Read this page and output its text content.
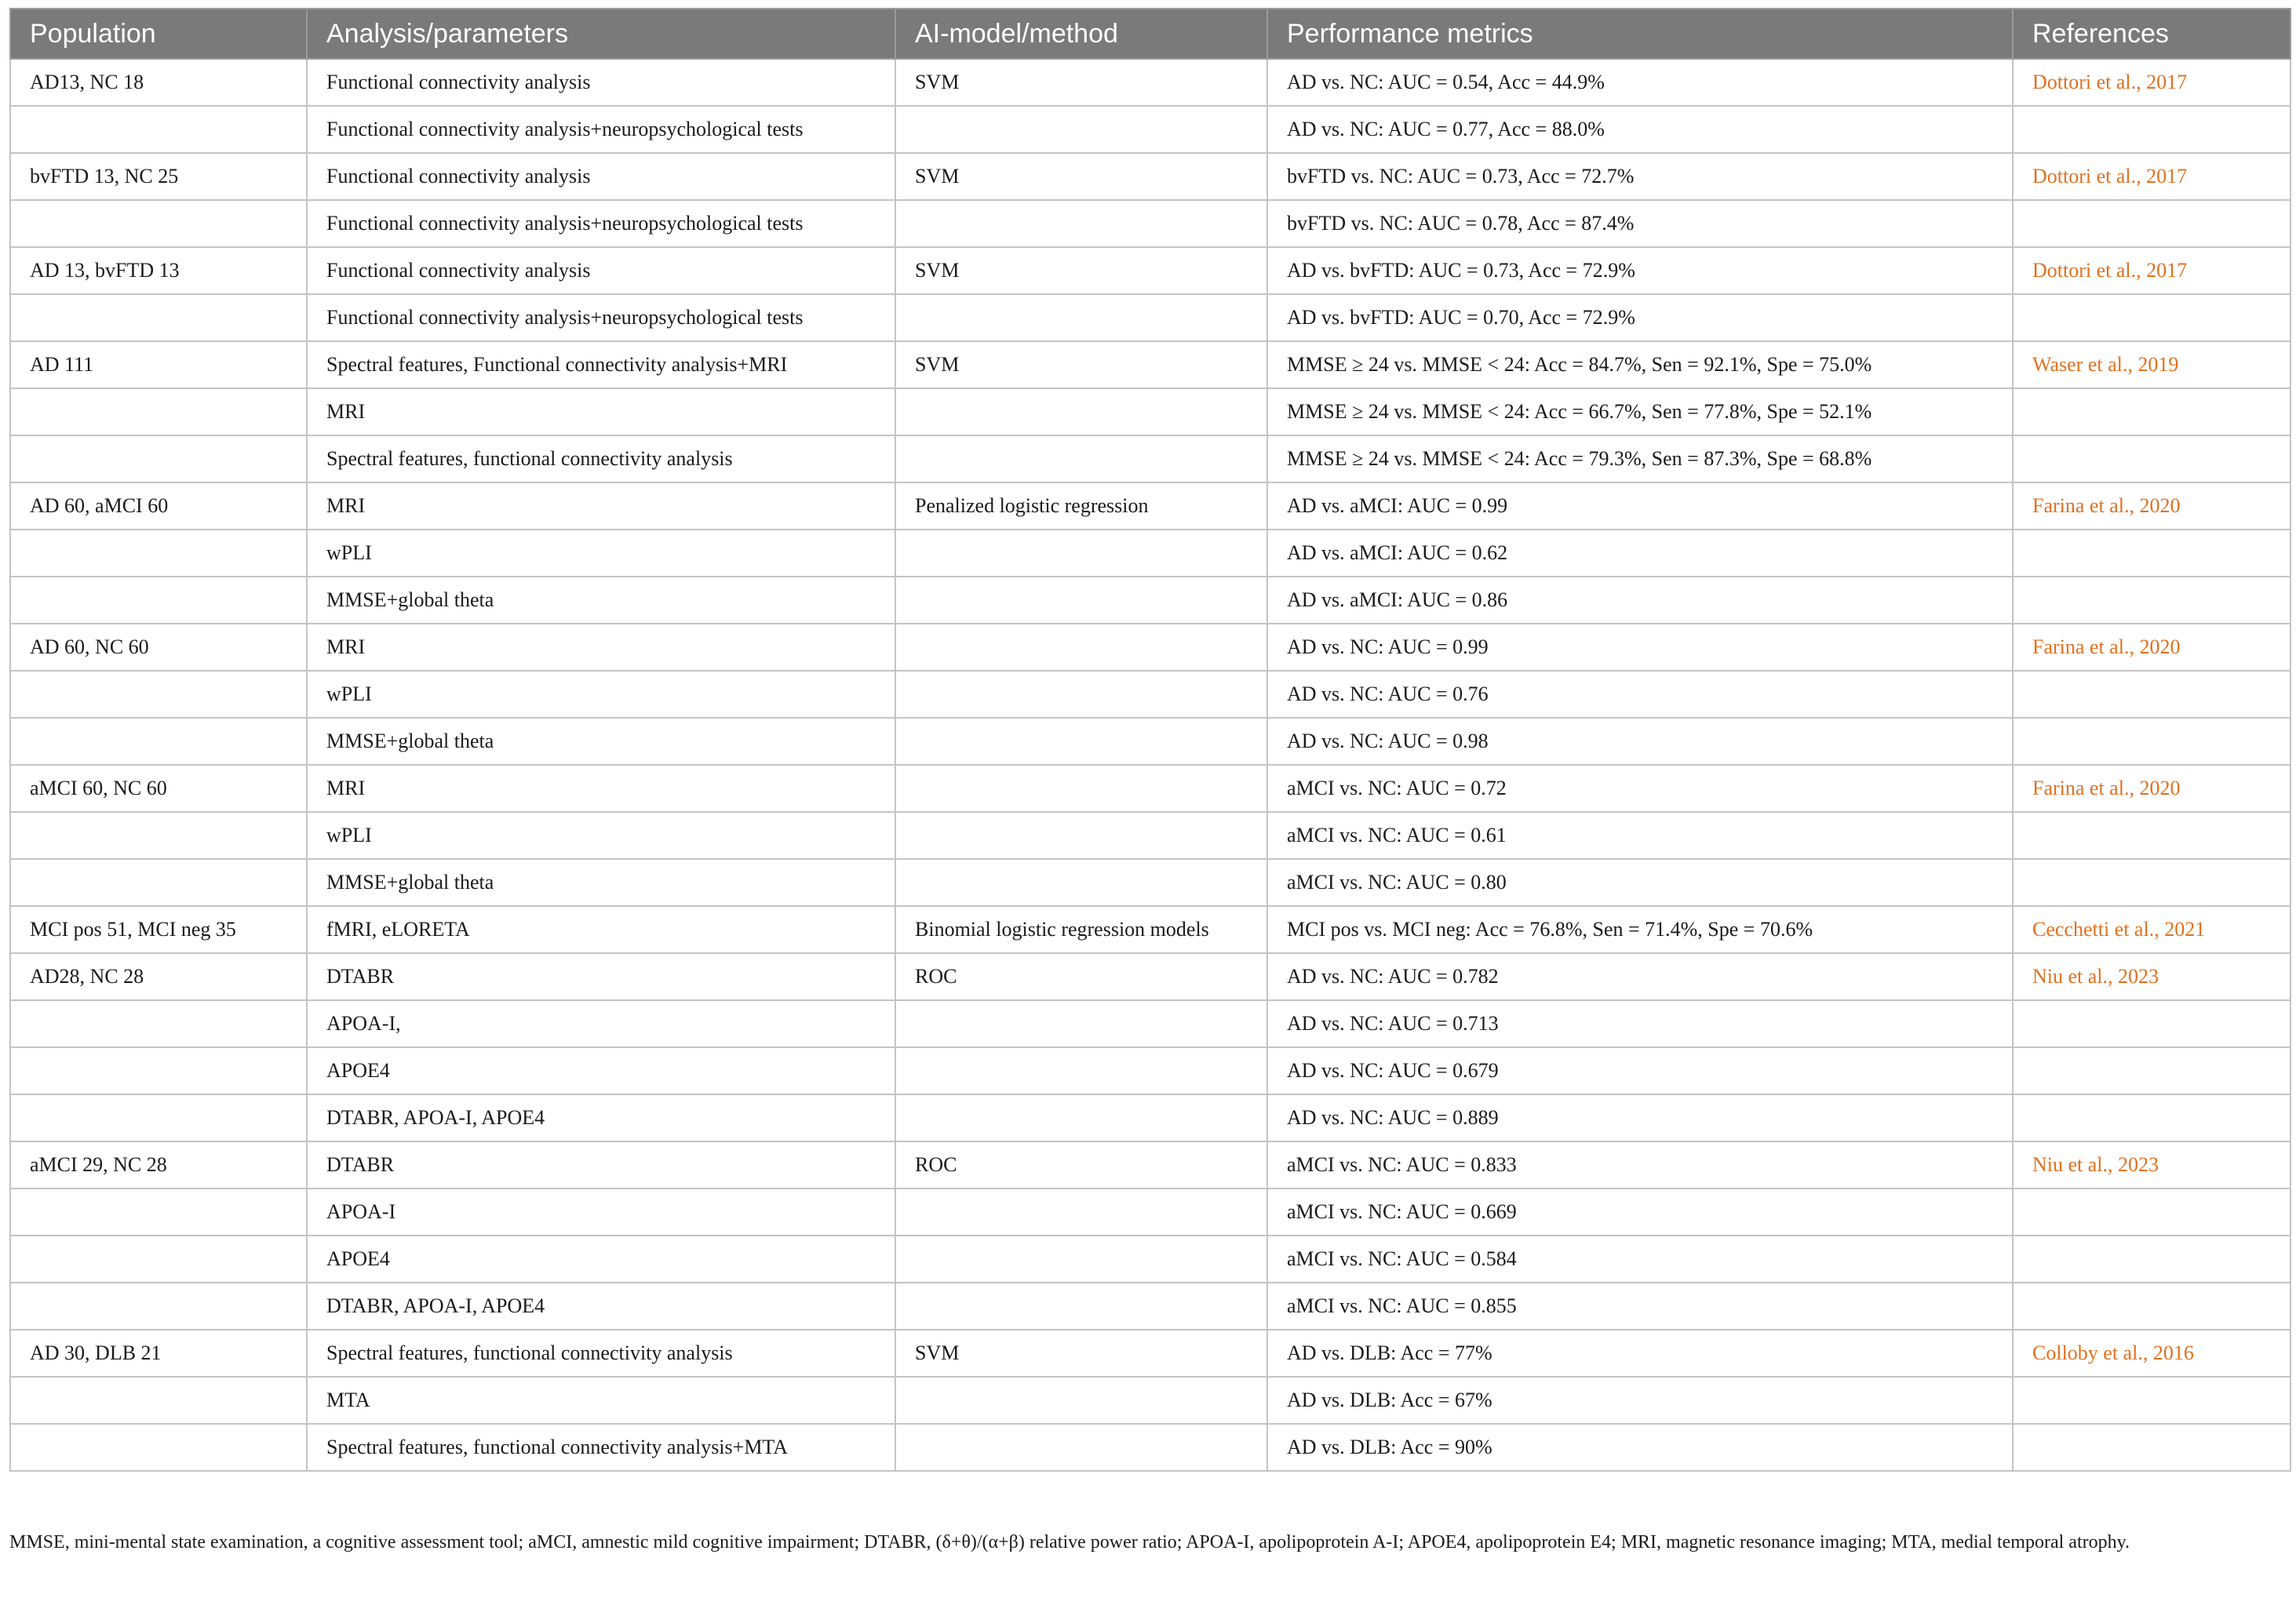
Population	Analysis/parameters	AI-model/method	Performance metrics	References
AD13, NC 18	Functional connectivity analysis	SVM	AD vs. NC: AUC = 0.54, Acc = 44.9%	Dottori et al., 2017
	Functional connectivity analysis+neuropsychological tests		AD vs. NC: AUC = 0.77, Acc = 88.0%	
bvFTD 13, NC 25	Functional connectivity analysis	SVM	bvFTD vs. NC: AUC = 0.73, Acc = 72.7%	Dottori et al., 2017
	Functional connectivity analysis+neuropsychological tests		bvFTD vs. NC: AUC = 0.78, Acc = 87.4%	
AD 13, bvFTD 13	Functional connectivity analysis	SVM	AD vs. bvFTD: AUC = 0.73, Acc = 72.9%	Dottori et al., 2017
	Functional connectivity analysis+neuropsychological tests		AD vs. bvFTD: AUC = 0.70, Acc = 72.9%	
AD 111	Spectral features, Functional connectivity analysis+MRI	SVM	MMSE ≥ 24 vs. MMSE < 24: Acc = 84.7%, Sen = 92.1%, Spe = 75.0%	Waser et al., 2019
	MRI		MMSE ≥ 24 vs. MMSE < 24: Acc = 66.7%, Sen = 77.8%, Spe = 52.1%	
	Spectral features, functional connectivity analysis		MMSE ≥ 24 vs. MMSE < 24: Acc = 79.3%, Sen = 87.3%, Spe = 68.8%	
AD 60, aMCI 60	MRI	Penalized logistic regression	AD vs. aMCI: AUC = 0.99	Farina et al., 2020
	wPLI		AD vs. aMCI: AUC = 0.62	
	MMSE+global theta		AD vs. aMCI: AUC = 0.86	
AD 60, NC 60	MRI		AD vs. NC: AUC = 0.99	Farina et al., 2020
	wPLI		AD vs. NC: AUC = 0.76	
	MMSE+global theta		AD vs. NC: AUC = 0.98	
aMCI 60, NC 60	MRI		aMCI vs. NC: AUC = 0.72	Farina et al., 2020
	wPLI		aMCI vs. NC: AUC = 0.61	
	MMSE+global theta		aMCI vs. NC: AUC = 0.80	
MCI pos 51, MCI neg 35	fMRI, eLORETA	Binomial logistic regression models	MCI pos vs. MCI neg: Acc = 76.8%, Sen = 71.4%, Spe = 70.6%	Cecchetti et al., 2021
AD28, NC 28	DTABR	ROC	AD vs. NC: AUC = 0.782	Niu et al., 2023
	APOA-I,		AD vs. NC: AUC = 0.713	
	APOE4		AD vs. NC: AUC = 0.679	
	DTABR, APOA-I, APOE4		AD vs. NC: AUC = 0.889	
aMCI 29, NC 28	DTABR	ROC	aMCI vs. NC: AUC = 0.833	Niu et al., 2023
	APOA-I		aMCI vs. NC: AUC = 0.669	
	APOE4		aMCI vs. NC: AUC = 0.584	
	DTABR, APOA-I, APOE4		aMCI vs. NC: AUC = 0.855	
AD 30, DLB 21	Spectral features, functional connectivity analysis	SVM	AD vs. DLB: Acc = 77%	Colloby et al., 2016
	MTA		AD vs. DLB: Acc = 67%	
	Spectral features, functional connectivity analysis+MTA		AD vs. DLB: Acc = 90%	

MMSE, mini-mental state examination, a cognitive assessment tool; aMCI, amnestic mild cognitive impairment; DTABR, (δ+θ)/(α+β) relative power ratio; APOA-I, apolipoprotein A-I; APOE4, apolipoprotein E4; MRI, magnetic resonance imaging; MTA, medial temporal atrophy.
